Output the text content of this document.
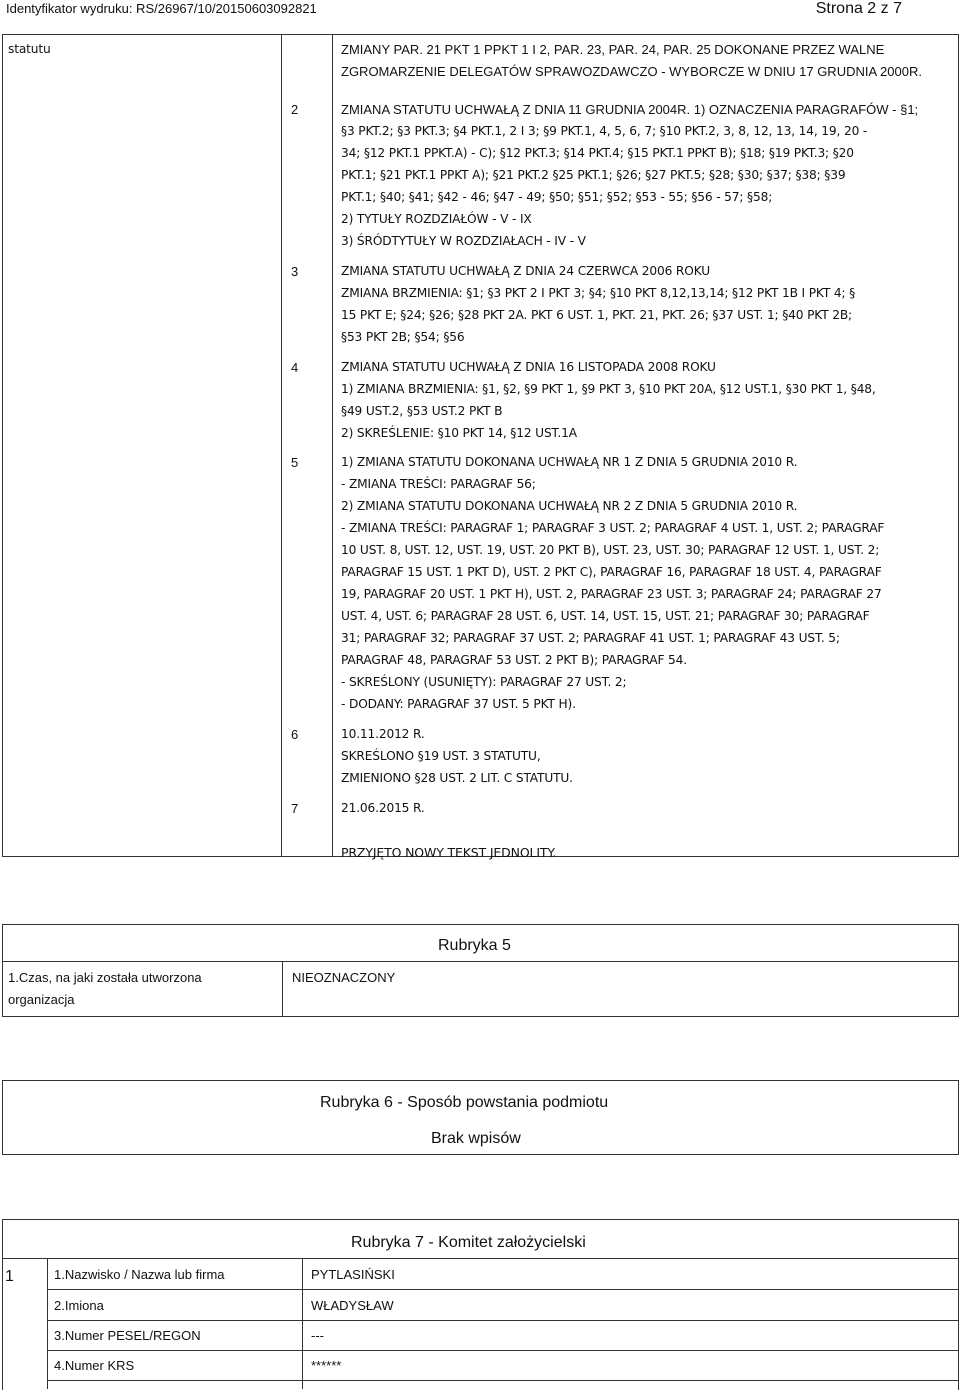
Identyfikator wydruku: RS/26967/10/20150603092821	Strona 2 z 7
statutu	ZMIANY PAR. 21 PKT 1 PPKT 1 I 2, PAR. 23, PAR. 24, PAR. 25 DOKONANE PRZEZ WALNE
ZGROMARZENIE DELEGATÓW SPRAWOZDAWCZO - WYBORCZE W DNIU 17 GRUDNIA 2000R.
2	ZMIANA STATUTU UCHWAŁĄ Z DNIA 11 GRUDNIA 2004R. 1) OZNACZENIA PARAGRAFÓW - §1;
§3 PKT.2; §3 PKT.3; §4 PKT.1, 2 I 3; §9 PKT.1, 4, 5, 6, 7; §10 PKT.2, 3, 8, 12, 13, 14, 19, 20 -
34; §12 PKT.1 PPKT.A) - C); §12 PKT.3; §14 PKT.4; §15 PKT.1 PPKT B); §18; §19 PKT.3; §20
PKT.1; §21 PKT.1 PPKT A); §21 PKT.2 §25 PKT.1; §26; §27 PKT.5; §28; §30; §37; §38; §39
PKT.1; §40; §41; §42 - 46; §47 - 49; §50; §51; §52; §53 - 55; §56 - 57; §58;
2) TYTUŁY ROZDZIAŁÓW - V - IX
3) ŚRÓDTYTUŁY W ROZDZIAŁACH - IV - V
3	ZMIANA STATUTU UCHWAŁĄ Z DNIA 24 CZERWCA 2006 ROKU
ZMIANA BRZMIENIA: §1; §3 PKT 2 I PKT 3; §4; §10 PKT 8,12,13,14; §12 PKT 1B I PKT 4; §
15 PKT E; §24; §26; §28 PKT 2A. PKT 6 UST. 1, PKT. 21, PKT. 26; §37 UST. 1; §40 PKT 2B;
§53 PKT 2B; §54; §56
4	ZMIANA STATUTU UCHWAŁĄ Z DNIA 16 LISTOPADA 2008 ROKU
1) ZMIANA BRZMIENIA: §1, §2, §9 PKT 1, §9 PKT 3, §10 PKT 20A, §12 UST.1, §30 PKT 1, §48,
§49 UST.2, §53 UST.2 PKT B
2) SKREŚLENIE: §10 PKT 14, §12 UST.1A
5	1) ZMIANA STATUTU DOKONANA UCHWAŁĄ NR 1 Z DNIA 5 GRUDNIA 2010 R.
- ZMIANA TREŚCI: PARAGRAF 56;
2) ZMIANA STATUTU DOKONANA UCHWAŁĄ NR 2 Z DNIA 5 GRUDNIA 2010 R.
- ZMIANA TREŚCI: PARAGRAF 1; PARAGRAF 3 UST. 2; PARAGRAF 4 UST. 1, UST. 2; PARAGRAF
10 UST. 8, UST. 12, UST. 19, UST. 20 PKT B), UST. 23, UST. 30; PARAGRAF 12 UST. 1, UST. 2;
PARAGRAF 15 UST. 1 PKT D), UST. 2 PKT C), PARAGRAF 16, PARAGRAF 18 UST. 4, PARAGRAF
19, PARAGRAF 20 UST. 1 PKT H), UST. 2, PARAGRAF 23 UST. 3; PARAGRAF 24; PARAGRAF 27
UST. 4, UST. 6; PARAGRAF 28 UST. 6, UST. 14, UST. 15, UST. 21; PARAGRAF 30; PARAGRAF
31; PARAGRAF 32; PARAGRAF 37 UST. 2; PARAGRAF 41 UST. 1; PARAGRAF 43 UST. 5;
PARAGRAF 48, PARAGRAF 53 UST. 2 PKT B); PARAGRAF 54.
- SKREŚLONY (USUNIĘTY): PARAGRAF 27 UST. 2;
- DODANY: PARAGRAF 37 UST. 5 PKT H).
6	10.11.2012 R.
SKREŚLONO §19 UST. 3 STATUTU,
ZMIENIONO §28 UST. 2 LIT. C STATUTU.
7	21.06.2015 R.
PRZYJĘTO NOWY TEKST JEDNOLITY.
Rubryka 5
1.Czas, na jaki została utworzona
organizacja
NIEOZNACZONY
Rubryka 6 - Sposób powstania podmiotu
Brak wpisów
Rubryka 7 - Komitet założycielski
1	1.Nazwisko / Nazwa lub firma	PYTLASIŃSKI
2.Imiona	WŁADYSŁAW
3.Numer PESEL/REGON	---
4.Numer KRS	******
